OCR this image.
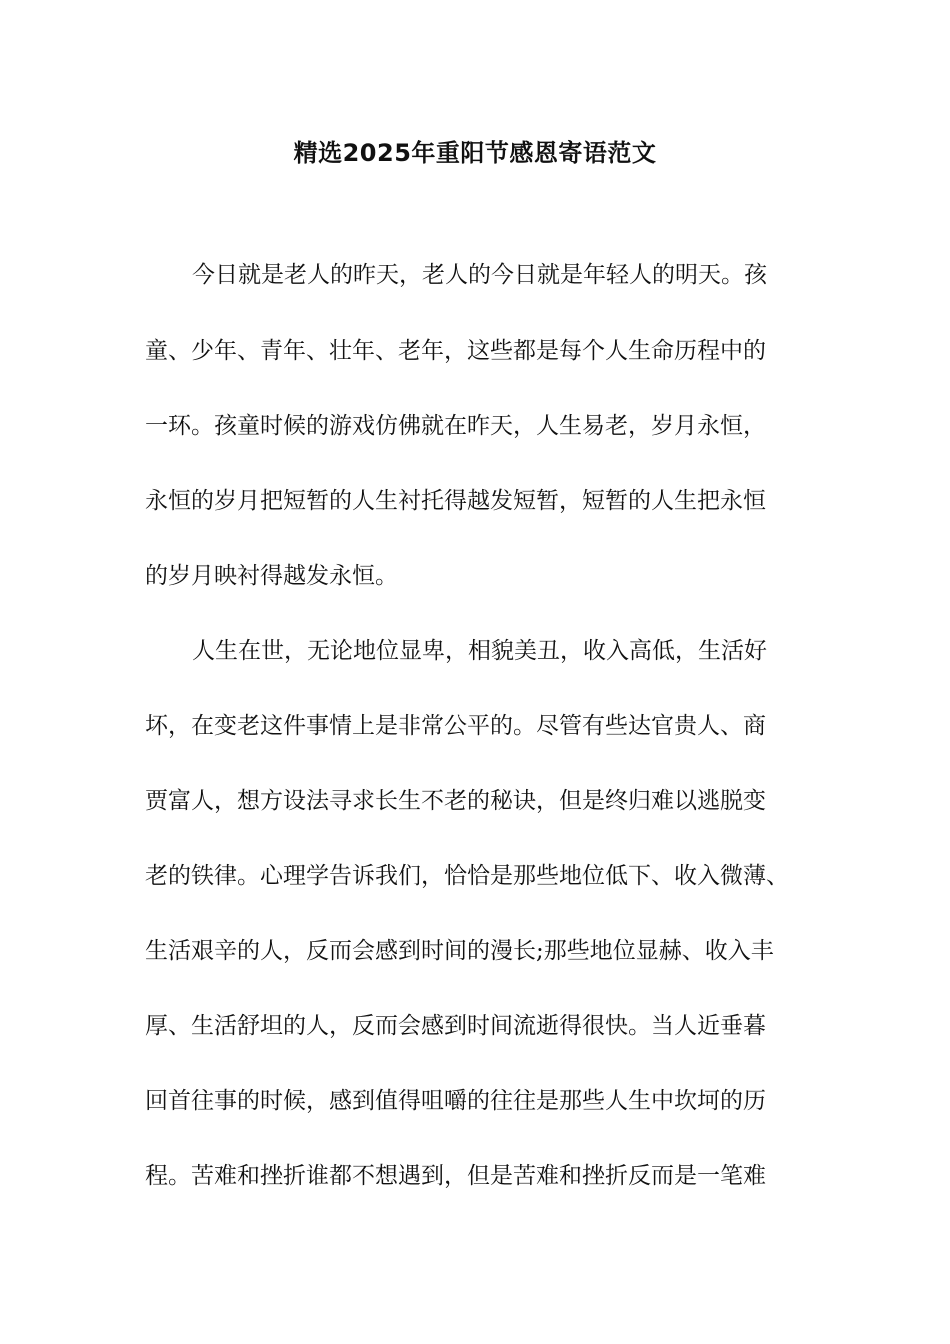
精选2025年重阳节感恩寄语范文
今日就是老人的昨天，老人的今日就是年轻人的明天。孩
童、少年、青年、壮年、老年，这些都是每个人生命历程中的
一环。孩童时候的游戏仿佛就在昨天，人生易老，岁月永恒，
永恒的岁月把短暂的人生衬托得越发短暂，短暂的人生把永恒
的岁月映衬得越发永恒。
人生在世，无论地位显卑，相貌美丑，收入高低，生活好
坏，在变老这件事情上是非常公平的。尽管有些达官贵人、商
贾富人，想方设法寻求长生不老的秘诀，但是终归难以逃脱变
老的铁律。心理学告诉我们，恰恰是那些地位低下、收入微薄、
生活艰辛的人，反而会感到时间的漫长;那些地位显赫、收入丰
厚、生活舒坦的人，反而会感到时间流逝得很快。当人近垂暮
回首往事的时候，感到值得咀嚼的往往是那些人生中坎坷的历
程。苦难和挫折谁都不想遇到，但是苦难和挫折反而是一笔难
